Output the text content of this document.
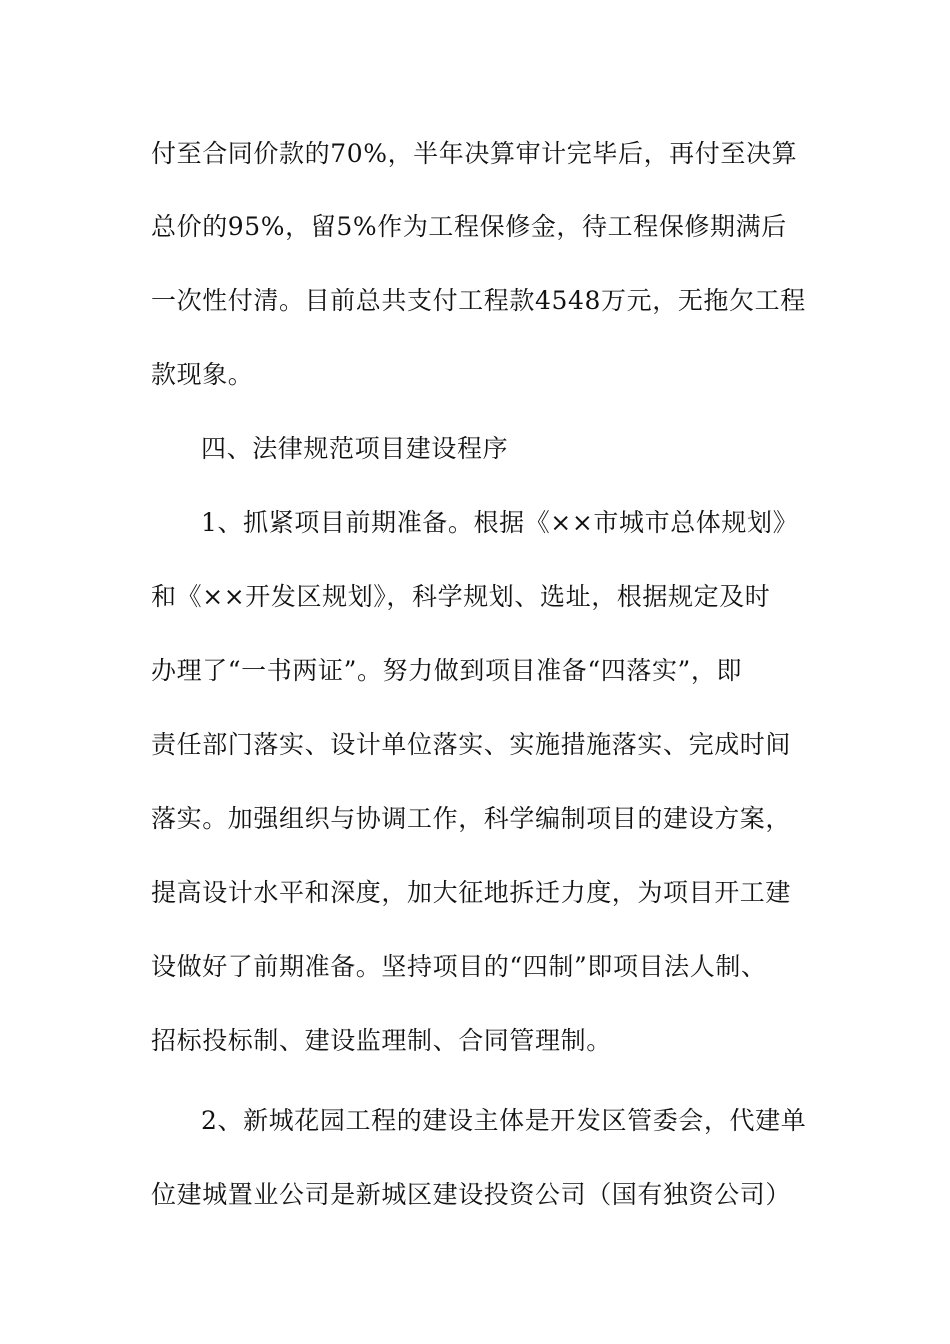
付至合同价款的70%，半年决算审计完毕后，再付至决算
总价的95%，留5%作为工程保修金，待工程保修期满后
一次性付清。目前总共支付工程款4548万元，无拖欠工程
款现象。
四、法律规范项目建设程序
1、抓紧项目前期准备。根据《××市城市总体规划》
和《××开发区规划》，科学规划、选址，根据规定及时
办理了“一书两证”。努力做到项目准备“四落实”，即
责任部门落实、设计单位落实、实施措施落实、完成时间
落实。加强组织与协调工作，科学编制项目的建设方案，
提高设计水平和深度，加大征地拆迁力度，为项目开工建
设做好了前期准备。坚持项目的“四制”即项目法人制、
招标投标制、建设监理制、合同管理制。
2、新城花园工程的建设主体是开发区管委会，代建单
位建城置业公司是新城区建设投资公司（国有独资公司）
